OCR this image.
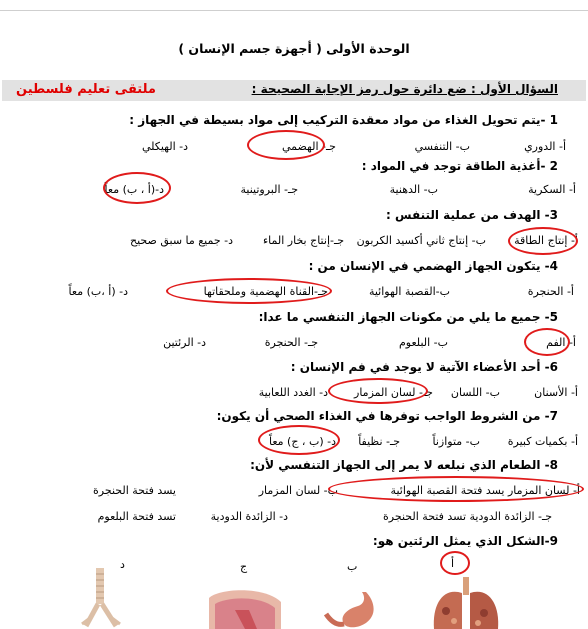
الوحدة الأولى ( أجهزة جسم الإنسان )
ملتقى تعليم فلسطين	السؤال الأول : ضع دائرة حول رمز الإجابة الصحيحة :
1 -يتم تحويل الغذاء من مواد معقدة التركيب إلى مواد بسيطة في الجهاز :
أ- الدوري
ب- التنفسي
جـ- الهضمي
د- الهيكلي
2 -أغذية الطاقة توجد في المواد :
أ- السكرية
ب- الدهنية
جـ- البروتينية
د-(أ ، ب) معاً
3- الهدف من عملية التنفس :
أ- إنتاج الطاقة
ب- إنتاج ثاني أكسيد الكربون
جـ-إنتاج بخار الماء
د- جميع ما سبق صحيح
4- يتكون الجهاز الهضمي في الإنسان من :
أ- الحنجرة
ب-القصبة الهوائية
جـ-القناة الهضمية وملحقاتها
د- (أ ،ب) معاً
5- جميع ما يلي من مكونات الجهاز التنفسي ما عدا:
أ- الفم
ب- البلعوم
جـ- الحنجرة
د- الرئتين
6- أحد الأعضاء الآتية لا يوجد في فم الإنسان :
أ- الأسنان
ب- اللسان
جـ- لسان المزمار
د- الغدد اللعابية
7- من الشروط الواجب توفرها في الغذاء الصحي أن يكون:
أ- بكميات كبيرة
ب- متوازناً
جـ- نظيفاً
د- (ب ، ج) معاً
8- الطعام الذي نبلعه لا يمر إلى الجهاز التنفسي لأن:
أ- لسان المزمار يسد فتحة القصبة الهوائية
ب- لسان المزمار
يسد فتحة الحنجرة
جـ- الزائدة الدودية تسد فتحة الحنجرة
د- الزائدة الدودية
تسد فتحة البلعوم
9-الشكل الذي يمثل الرئتين هو:
أ
ب
ج
د
